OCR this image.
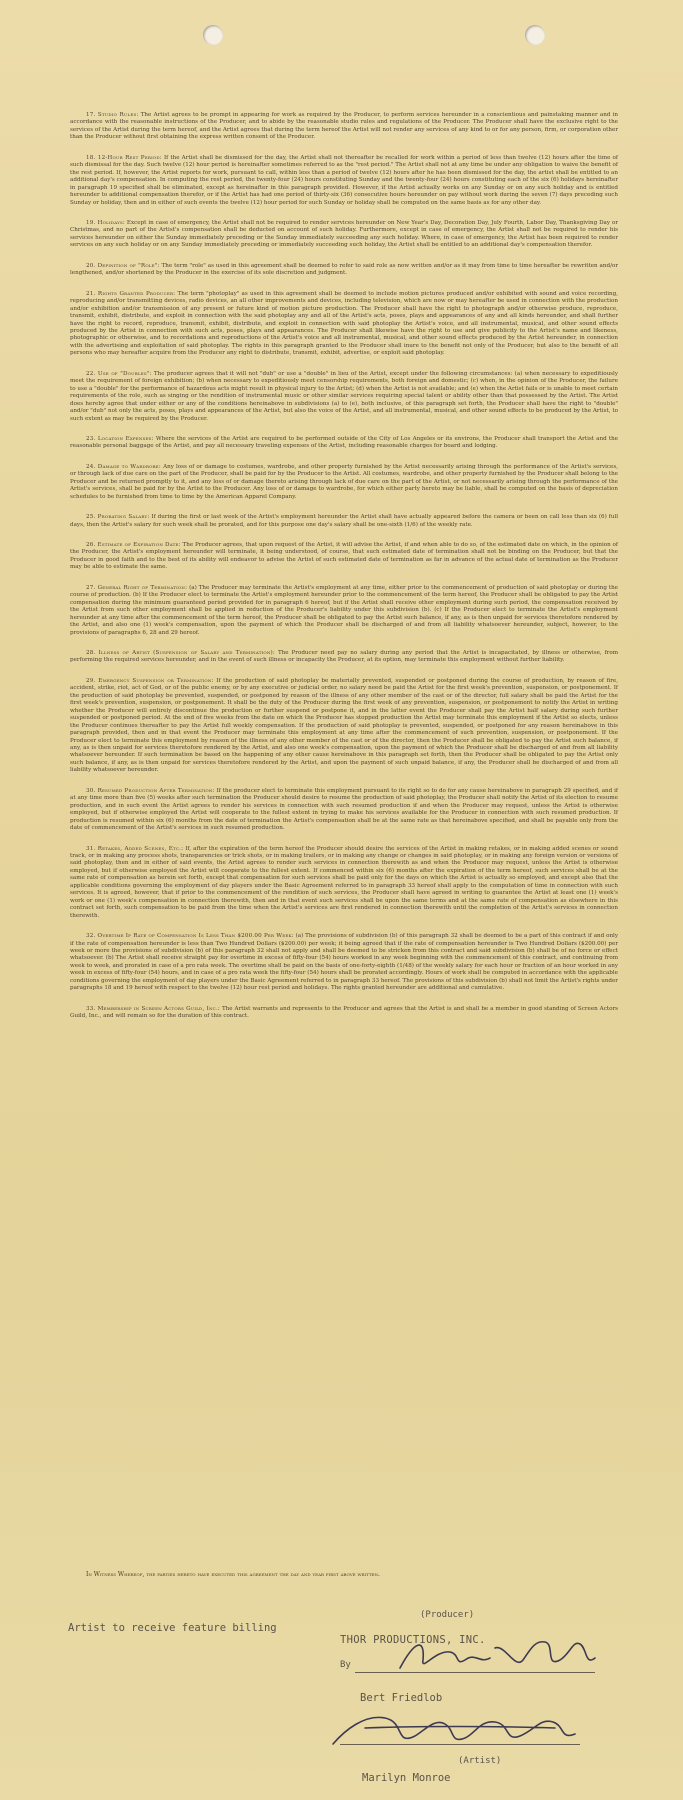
17. Studio Rules: The Artist agrees to be prompt in appearing for work as required by the Producer, to perform services hereunder in a conscientious and painstaking manner and in accordance with the reasonable instructions of the Producer, and to abide by the reasonable studio rules and regulations of the Producer. The Producer shall have the exclusive right to the services of the Artist during the term hereof, and the Artist agrees that during the term hereof the Artist will not render any services of any kind to or for any person, firm, or corporation other than the Producer without first obtaining the express written consent of the Producer.

18. 12-Hour Rest Period: If the Artist shall be dismissed for the day, the Artist shall not thereafter be recalled for work within a period of less than twelve (12) hours after the time of such dismissal for the day. Such twelve (12) hour period is hereinafter sometimes referred to as the "rest period." The Artist shall not at any time be under any obligation to waive the benefit of the rest period. If, however, the Artist reports for work, pursuant to call, within less than a period of twelve (12) hours after he has been dismissed for the day, the artist shall be entitled to an additional day's compensation. In computing the rest period, the twenty-four (24) hours constituting Sunday and the twenty-four (24) hours constituting each of the six (6) holidays hereinafter in paragraph 19 specified shall be eliminated, except as hereinafter in this paragraph provided. However, if the Artist actually works on any Sunday or on any such holiday and is entitled hereunder to additional compensation therefor, or if the Artist has had one period of thirty-six (36) consecutive hours hereunder on pay without work during the seven (7) days preceding such Sunday or holiday, then and in either of such events the twelve (12) hour period for such Sunday or holiday shall be computed on the same basis as for any other day.

19. Holidays: Except in case of emergency, the Artist shall not be required to render services hereunder on New Year's Day, Decoration Day, July Fourth, Labor Day, Thanksgiving Day or Christmas, and no part of the Artist's compensation shall be deducted on account of such holiday. Furthermore, except in case of emergency, the Artist shall not be required to render his services hereunder on either the Sunday immediately preceding or the Sunday immediately succeeding any such holiday. Where, in case of emergency, the Artist has been required to render services on any such holiday or on any Sunday immediately preceding or immediately succeeding such holiday, the Artist shall be entitled to an additional day's compensation therefor.

20. Definition of "Role": The term "role" as used in this agreement shall be deemed to refer to said role as now written and/or as it may from time to time hereafter be rewritten and/or lengthened, and/or shortened by the Producer in the exercise of its sole discretion and judgment.

21. Rights Granted Producer: The term "photoplay" as used in this agreement shall be deemed to include motion pictures produced and/or exhibited with sound and voice recording, reproducing and/or transmitting devices, radio devices, an all other improvements and devices, including television, which are now or may hereafter be used in connection with the production and/or exhibition and/or transmission of any present or future kind of motion picture production. The Producer shall have the right to photograph and/or otherwise produce, reproduce, transmit, exhibit, distribute, and exploit in connection with the said photoplay any and all of the Artist's acts, poses, plays and appearances of any and all kinds hereunder, and shall further have the right to record, reproduce, transmit, exhibit, distribute, and exploit in connection with said photoplay the Artist's voice, and all instrumental, musical, and other sound effects produced by the Artist in connection with such acts, poses, plays and appearances. The Producer shall likewise have the right to use and give publicity to the Artist's name and likeness, photographic or otherwise, and to recordations and reproductions of the Artist's voice and all instrumental, musical, and other sound effects produced by the Artist hereunder, in connection with the advertising and exploitation of said photoplay. The rights in this paragraph granted to the Producer shall inure to the benefit not only of the Producer, but also to the benefit of all persons who may hereafter acquire from the Producer any right to distribute, transmit, exhibit, advertise, or exploit said photoplay.

22. Use of "Doubles": The producer agrees that it will not "dub" or use a "double" in lieu of the Artist, except under the following circumstances: (a) when necessary to expeditiously meet the requirement of foreign exhibition; (b) when necessary to expeditiously meet censorship requirements, both foreign and domestic; (c) when, in the opinion of the Producer, the failure to use a "double" for the performance of hazardous acts might result in physical injury to the Artist; (d) when the Artist is not available; and (e) when the Artist fails or is unable to meet certain requirements of the role, such as singing or the rendition of instrumental music or other similar services requiring special talent or ability other than that possessed by the Artist. The Artist does hereby agree that under either or any of the conditions hereinabove in subdivisions (a) to (e), both inclusive, of this paragraph set forth, the Producer shall have the right to "double" and/or "dub" not only the acts, poses, plays and appearances of the Artist, but also the voice of the Artist, and all instrumental, musical, and other sound effects to be produced by the Artist, to such extent as may be required by the Producer.

23. Location Expenses: Where the services of the Artist are required to be performed outside of the City of Los Angeles or its environs, the Producer shall transport the Artist and the reasonable personal baggage of the Artist, and pay all necessary traveling expenses of the Artist, including reasonable charges for board and lodging.

24. Damage to Wardrobe: Any loss of or damage to costumes, wardrobe, and other property furnished by the Artist necessarily arising through the performance of the Artist's services, or through lack of due care on the part of the Producer, shall be paid for by the Producer to the Artist. All costumes, wardrobe, and other property furnished by the Producer shall belong to the Producer and be returned promptly to it, and any loss of or damage thereto arising through lack of due care on the part of the Artist, or not necessarily arising through the performance of the Artist's services, shall be paid for by the Artist to the Producer. Any loss of or damage to wardrobe, for which either party hereto may be liable, shall be computed on the basis of depreciation schedules to be furnished from time to time by the American Apparel Company.

25. Prorating Salary: If during the first or last week of the Artist's employment hereunder the Artist shall have actually appeared before the camera or been on call less than six (6) full days, then the Artist's salary for such week shall be prorated, and for this purpose one day's salary shall be one-sixth (1/6) of the weekly rate.

26. Estimate of Expiration Date: The Producer agrees, that upon request of the Artist, it will advise the Artist, if and when able to do so, of the estimated date on which, in the opinion of the Producer, the Artist's employment hereunder will terminate, it being understood, of course, that such estimated date of termination shall not be binding on the Producer, but that the Producer in good faith and to the best of its ability will endeavor to advise the Artist of such estimated date of termination as far in advance of the actual date of termination as the Producer may be able to estimate the same.

27. General Right of Termination: (a) The Producer may terminate the Artist's employment at any time, either prior to the commencement of production of said photoplay or during the course of production. (b) If the Producer elect to terminate the Artist's employment hereunder prior to the commencement of the term hereof, the Producer shall be obligated to pay the Artist compensation during the minimum guaranteed period provided for in paragraph 6 hereof, but if the Artist shall receive other employment during such period, the compensation received by the Artist from such other employment shall be applied in reduction of the Producer's liability under this subdivision (b). (c) If the Producer elect to terminate the Artist's employment hereunder at any time after the commencement of the term hereof, the Producer shall be obligated to pay the Artist such balance, if any, as is then unpaid for services theretofore rendered by the Artist, and also one (1) week's compensation, upon the payment of which the Producer shall be discharged of and from all liability whatsoever hereunder, subject, however, to the provisions of paragraphs 6, 28 and 29 hereof.

28. Illness of Artist (Suspension of Salary and Termination): The Producer need pay no salary during any period that the Artist is incapacitated, by illness or otherwise, from performing the required services hereunder, and in the event of such illness or incapacity the Producer, at its option, may terminate this employment without further liability.

29. Emergency Suspension or Termination: If the production of said photoplay be materially prevented, suspended or postponed during the course of production, by reason of fire, accident, strike, riot, act of God, or of the public enemy, or by any executive or judicial order, no salary need be paid the Artist for the first week's prevention, suspension, or postponement. If the production of said photoplay be prevented, suspended, or postponed by reason of the illness of any other member of the cast or of the director, full salary shall be paid the Artist for the first week's prevention, suspension, or postponement. It shall be the duty of the Producer during the first week of any prevention, suspension, or postponement to notify the Artist in writing whether the Producer will entirely discontinue the production or further suspend or postpone it, and in the latter event the Producer shall pay the Artist half salary during such further suspended or postponed period. At the end of five weeks from the date on which the Producer has stopped production the Artist may terminate this employment if the Artist so elects, unless the Producer continues thereafter to pay the Artist full weekly compensation. If the production of said photoplay is prevented, suspended, or postponed for any reason hereinabove in this paragraph provided, then and in that event the Producer may terminate this employment at any time after the commencement of such prevention, suspension, or postponement. If the Producer elect to terminate this employment by reason of the illness of any other member of the cast or of the director, then the Producer shall be obligated to pay the Artist such balance, if any, as is then unpaid for services theretofore rendered by the Artist, and also one week's compensation, upon the payment of which the Producer shall be discharged of and from all liability whatsoever hereunder. If such termination be based on the happening of any other cause hereinabove in this paragraph set forth, then the Producer shall be obligated to pay the Artist only such balance, if any, as is then unpaid for services theretofore rendered by the Artist, and upon the payment of such unpaid balance, if any, the Producer shall be discharged of and from all liability whatsoever hereunder.

30. Resumed Production After Termination: If the producer elect to terminate this employment pursuant to its right so to do for any cause hereinabove in paragraph 29 specified, and if at any time more than five (5) weeks after such termination the Producer should desire to resume the production of said photoplay, the Producer shall notify the Artist of its election to resume production, and in such event the Artist agrees to render his services in connection with such resumed production if and when the Producer may request, unless the Artist is otherwise employed, but if otherwise employed the Artist will cooperate to the fullest extent in trying to make his services available for the Producer in connection with such resumed production. If production is resumed within six (6) months from the date of termination the Artist's compensation shall be at the same rate as that hereinabove specified, and shall be payable only from the date of commencement of the Artist's services in such resumed production.

31. Retakes, Added Scenes, Etc.: If, after the expiration of the term hereof the Producer should desire the services of the Artist in making retakes, or in making added scenes or sound track, or in making any process shots, transparencies or trick shots, or in making trailers, or in making any change or changes in said photoplay, or in making any foreign version or versions of said photoplay, then and in either of said events, the Artist agrees to render such services in connection therewith as and when the Producer may request, unless the Artist is otherwise employed, but if otherwise employed the Artist will cooperate to the fullest extent. If commenced within six (6) months after the expiration of the term hereof, such services shall be at the same rate of compensation as herein set forth, except that compensation for such services shall be paid only for the days on which the Artist is actually so employed, and except also that the applicable conditions governing the employment of day players under the Basic Agreement referred to in paragraph 33 hereof shall apply to the computation of time in connection with such services. It is agreed, however, that if prior to the commencement of the rendition of such services, the Producer shall have agreed in writing to guarantee the Artist at least one (1) week's work or one (1) week's compensation in connection therewith, then and in that event such services shall be upon the same terms and at the same rate of compensation as elsewhere in this contract set forth, such compensation to be paid from the time when the Artist's services are first rendered in connection therewith until the completion of the Artist's services in connection therewith.

32. Overtime If Rate of Compensation Is Less Than $200.00 Per Week: (a) The provisions of subdivision (b) of this paragraph 32 shall be deemed to be a part of this contract if and only if the rate of compensation hereunder is less than Two Hundred Dollars ($200.00) per week; it being agreed that if the rate of compensation hereunder is Two Hundred Dollars ($200.00) per week or more the provisions of subdivision (b) of this paragraph 32 shall not apply and shall be deemed to be stricken from this contract and said subdivision (b) shall be of no force or effect whatsoever. (b) The Artist shall receive straight pay for overtime in excess of fifty-four (54) hours worked in any week beginning with the commencement of this contract, and continuing from week to week, and prorated in case of a pro rata week. The overtime shall be paid on the basis of one-forty-eighth (1/48) of the weekly salary for each hour or fraction of an hour worked in any week in excess of fifty-four (54) hours, and in case of a pro rata week the fifty-four (54) hours shall be prorated accordingly. Hours of work shall be computed in accordance with the applicable conditions governing the employment of day players under the Basic Agreement referred to in paragraph 33 hereof. The provisions of this subdivision (b) shall not limit the Artist's rights under paragraphs 18 and 19 hereof with respect to the twelve (12) hour rest period and holidays. The rights granted hereunder are additional and cumulative.

33. Membership in Screen Actors Guild, Inc.: The Artist warrants and represents to the Producer and agrees that the Artist is and shall be a member in good standing of Screen Actors Guild, Inc., and will remain so for the duration of this contract.

In Witness Whereof, the parties hereto have executed this agreement the day and year first above written.
Artist to receive feature billing
(Producer)
THOR PRODUCTIONS, INC.
By
Bert Friedlob
(Artist)
Marilyn Monroe
